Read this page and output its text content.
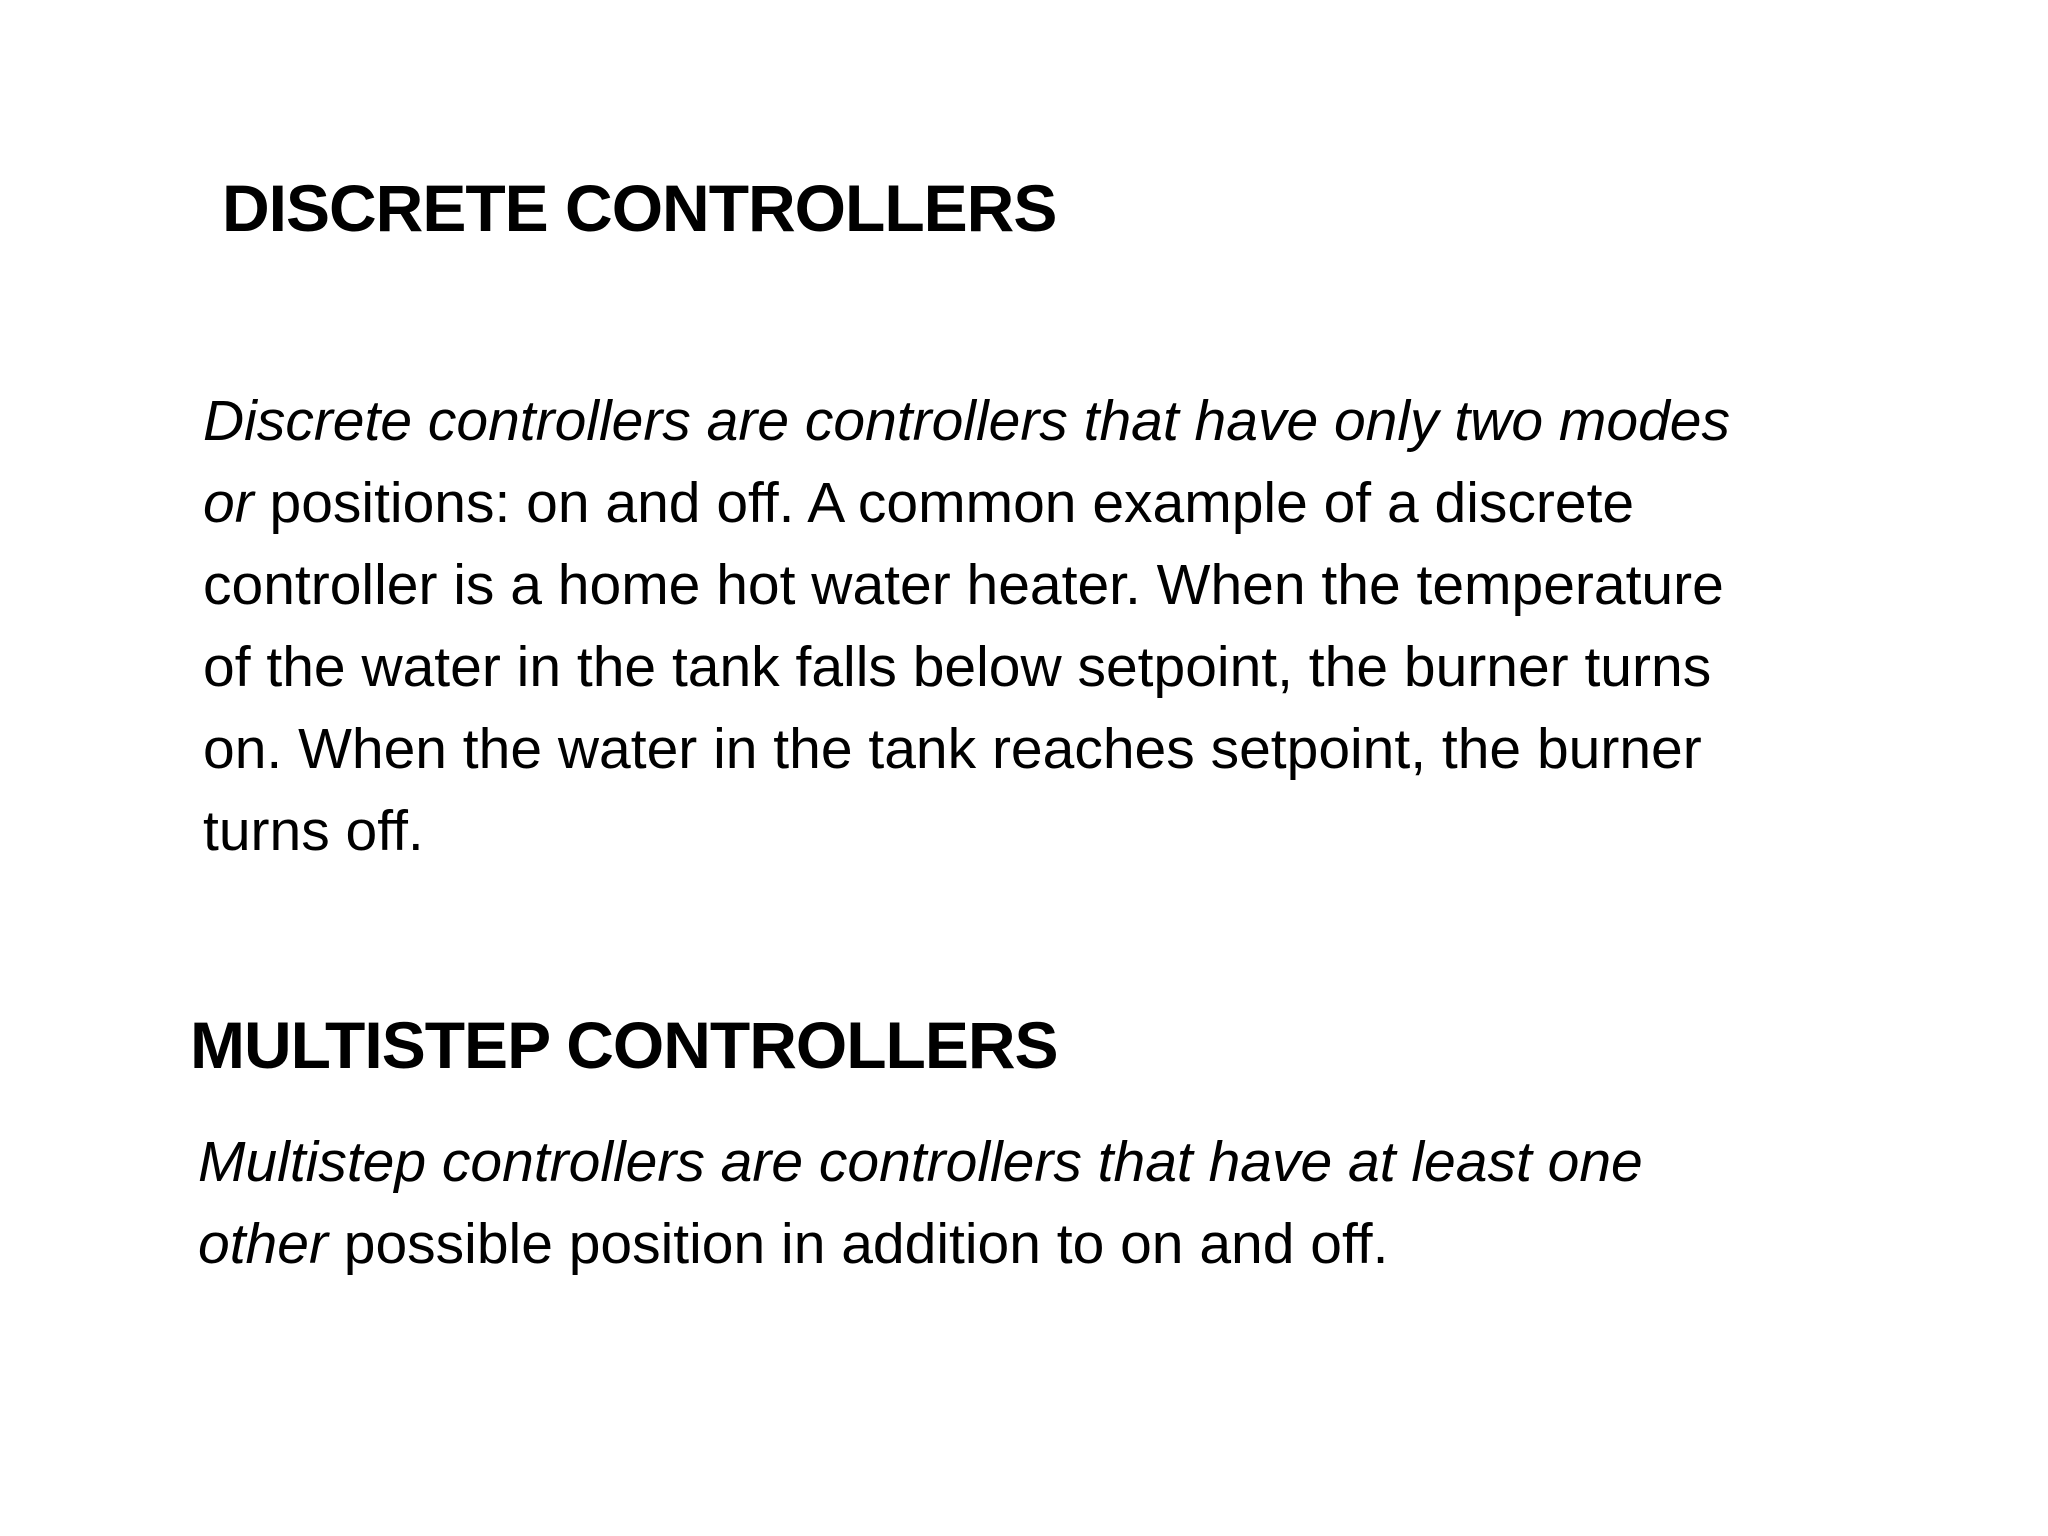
DISCRETE CONTROLLERS

Discrete controllers are controllers that have only two modes
or positions: on and off. A common example of a discrete
controller is a home hot water heater. When the temperature
of the water in the tank falls below setpoint, the burner turns
on. When the water in the tank reaches setpoint, the burner
turns off.

MULTISTEP CONTROLLERS

Multistep controllers are controllers that have at least one
other possible position in addition to on and off.
